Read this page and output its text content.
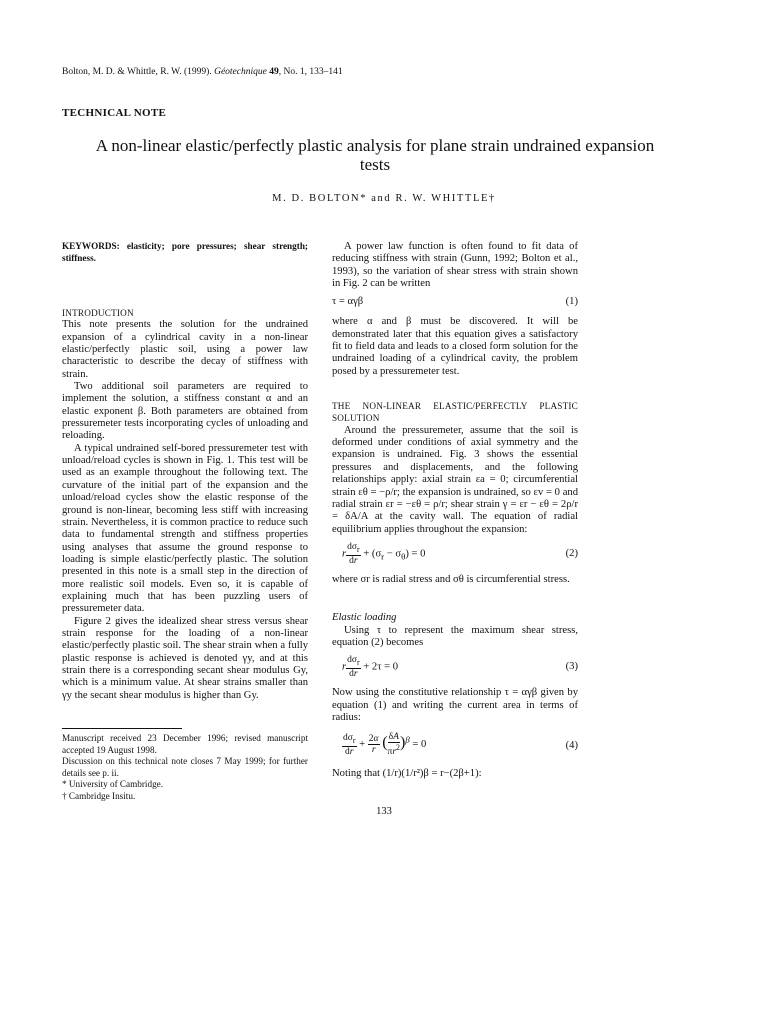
Bolton, M. D. & Whittle, R. W. (1999). Géotechnique 49, No. 1, 133–141
TECHNICAL NOTE
A non-linear elastic/perfectly plastic analysis for plane strain undrained expansion tests
M. D. BOLTON* and R. W. WHITTLE†

KEYWORDS: elasticity; pore pressures; shear strength; stiffness.

INTRODUCTION

This note presents the solution for the undrained expansion of a cylindrical cavity in a non-linear elastic/perfectly plastic soil, using a power law characteristic to describe the decay of stiffness with strain.

Two additional soil parameters are required to implement the solution, a stiffness constant α and an elastic exponent β. Both parameters are obtained from pressuremeter tests incorporating cycles of unloading and reloading.

A typical undrained self-bored pressuremeter test with unload/reload cycles is shown in Fig. 1. This test will be used as an example throughout the following text. The curvature of the initial part of the expansion and the unload/reload cycles show the elastic response of the ground is non-linear, becoming less stiff with increasing strain. Nevertheless, it is common practice to reduce such data to fundamental strength and stiffness properties using analyses that assume the ground response to loading is simple elastic/perfectly plastic. The solution presented in this note is a small step in the direction of more realistic soil models. Even so, it is capable of explaining much that has been puzzling users of pressuremeter data.

Figure 2 gives the idealized shear stress versus shear strain response for the loading of a non-linear elastic/perfectly plastic soil. The shear strain when a fully plastic response is achieved is denoted γy, and at this strain there is a corresponding secant shear modulus Gy, which is a minimum value. At shear strains smaller than γy the secant shear modulus is higher than Gy.

Manuscript received 23 December 1996; revised manuscript accepted 19 August 1998.

Discussion on this technical note closes 7 May 1999; for further details see p. ii.

* University of Cambridge.

† Cambridge Insitu.

A power law function is often found to fit data of reducing stiffness with strain (Gunn, 1992; Bolton et al., 1993), so the variation of shear stress with strain shown in Fig. 2 can be written

τ = αγβ	(1)

where α and β must be discovered. It will be demonstrated later that this equation gives a satisfactory fit to field data and leads to a closed form solution for the undrained loading of a cylindrical cavity, the problem posed by a pressuremeter test.

THE NON-LINEAR ELASTIC/PERFECTLY PLASTIC SOLUTION

Around the pressuremeter, assume that the soil is deformed under conditions of axial symmetry and the expansion is undrained. Fig. 3 shows the essential pressures and displacements, and the following relationships apply: axial strain εa = 0; circumferential strain εθ = −ρ/r; the expansion is undrained, so εv = 0 and radial strain εr = −εθ = ρ/r; shear strain γ = εr − εθ = 2ρ/r = δA/A at the cavity wall. The equation of radial equilibrium applies throughout the expansion:

r $\frac{d\sigma_r}{dr} + (\sigma_r - \sigma_\theta) = 0$	(2)

where σr is radial stress and σθ is circumferential stress.

Elastic loading

Using τ to represent the maximum shear stress, equation (2) becomes

r $\frac{d\sigma_r}{dr} + 2\tau = 0$	(3)

Now using the constitutive relationship τ = αγβ given by equation (1) and writing the current area in terms of radius:

$\frac{d\sigma_r}{dr} + \frac{2\alpha}{r}$ ( $\frac{\delta A}{\pi r^2} )^\beta = 0$	(4)

Noting that (1/r)(1/r²)β = r−(2β+1):

133
